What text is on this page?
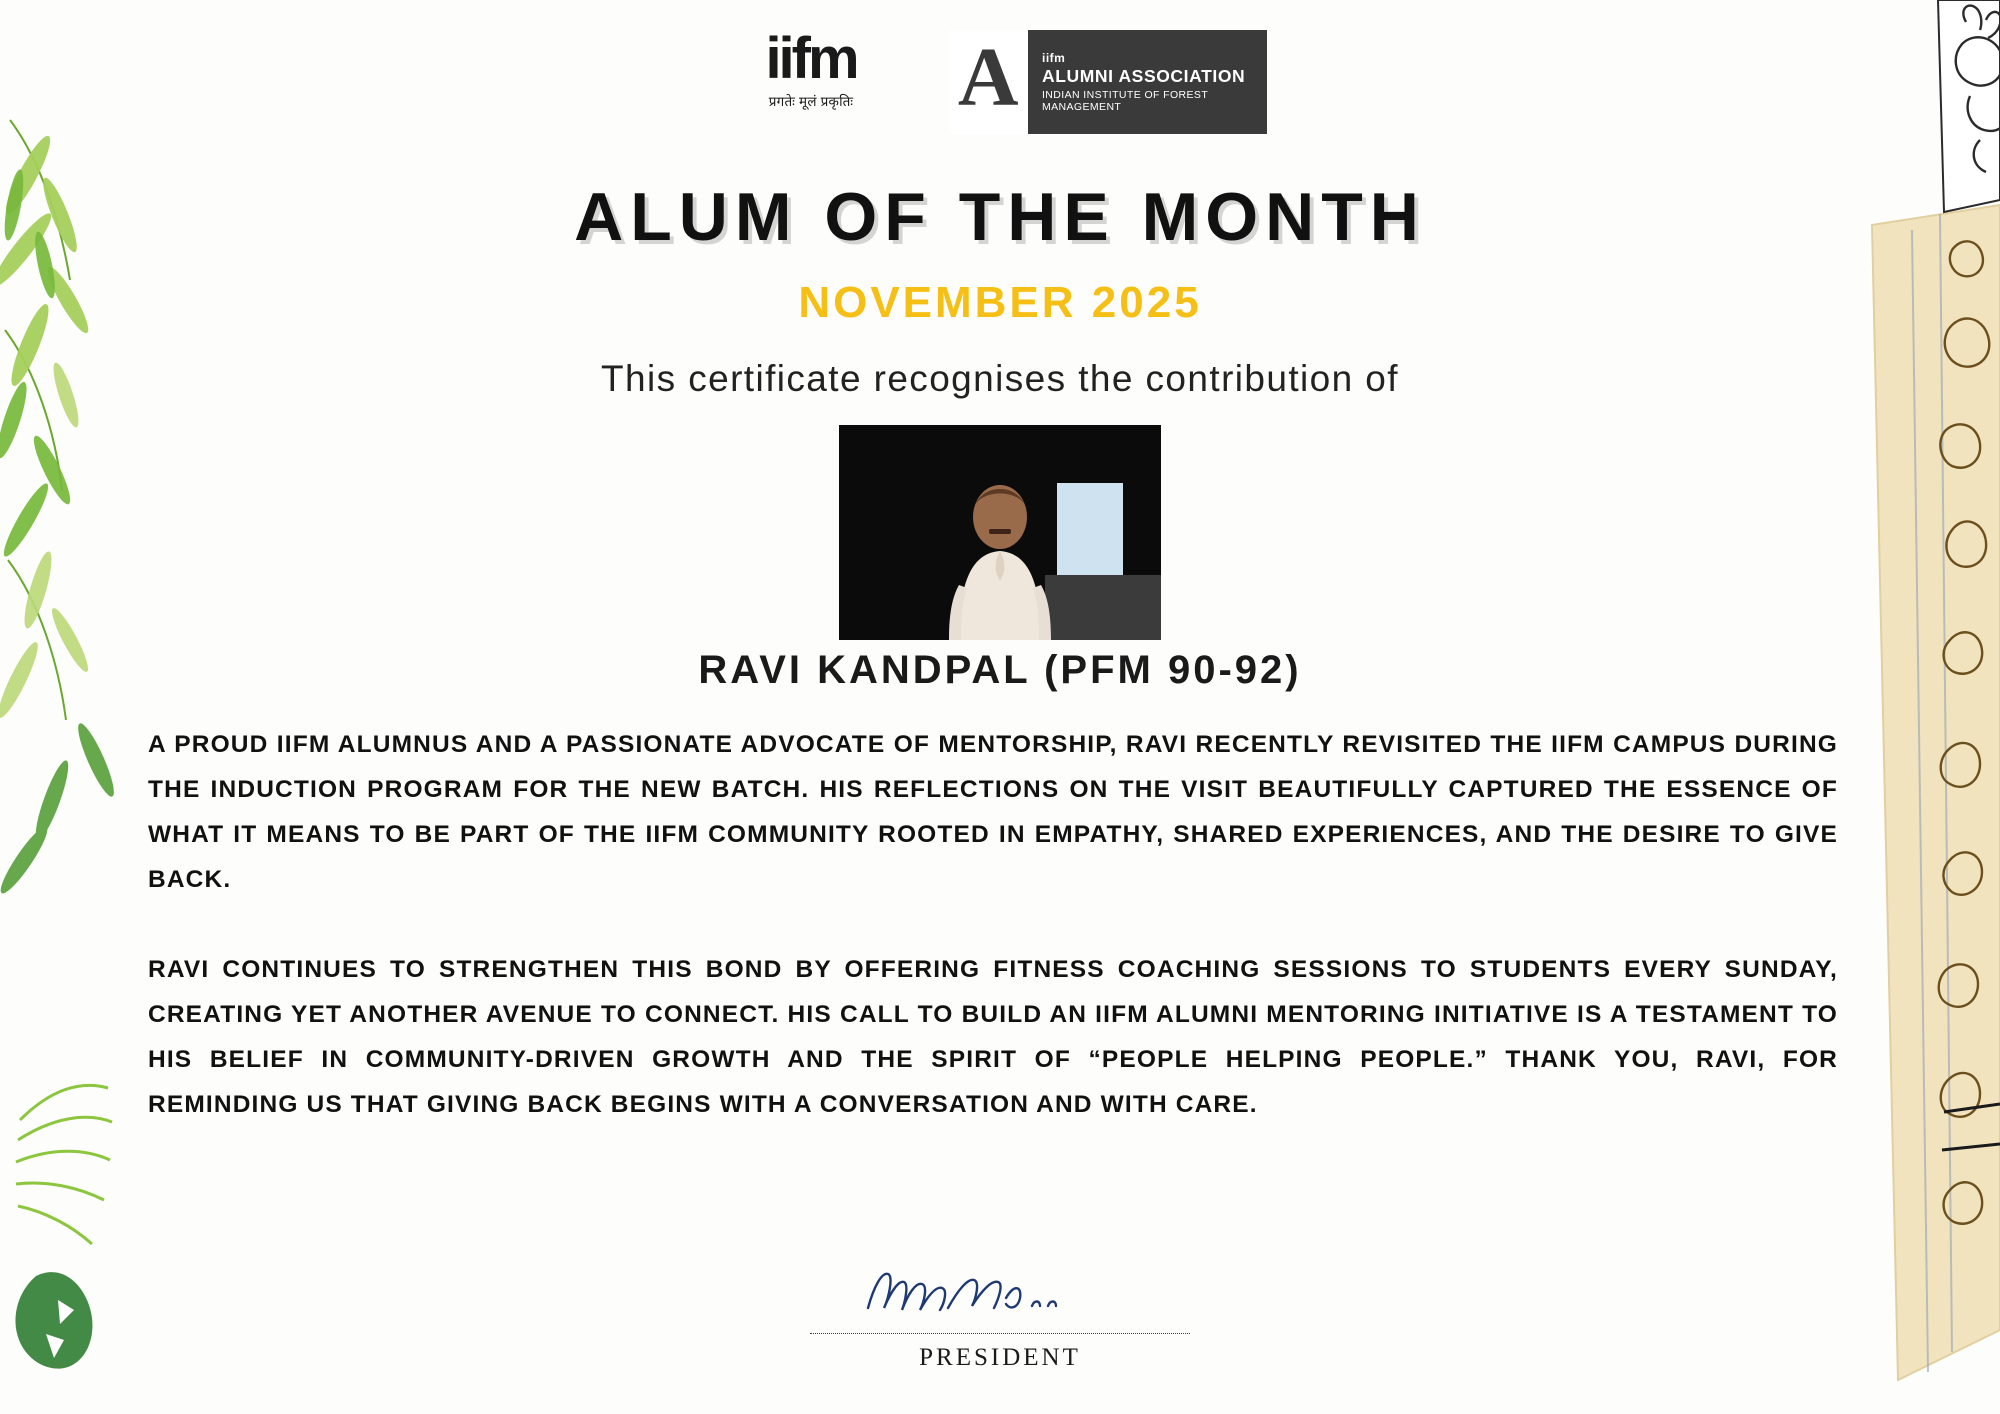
iifm
प्रगतेः मूलं प्रकृतिः	A	iifm
ALUMNI ASSOCIATION
INDIAN INSTITUTE OF FOREST MANAGEMENT
ALUM OF THE MONTH
NOVEMBER 2025
This certificate recognises the contribution of
RAVI KANDPAL (PFM 90-92)

A PROUD IIFM ALUMNUS AND A PASSIONATE ADVOCATE OF MENTORSHIP, RAVI RECENTLY REVISITED THE IIFM CAMPUS DURING THE INDUCTION PROGRAM FOR THE NEW BATCH. HIS REFLECTIONS ON THE VISIT BEAUTIFULLY CAPTURED THE ESSENCE OF WHAT IT MEANS TO BE PART OF THE IIFM COMMUNITY ROOTED IN EMPATHY, SHARED EXPERIENCES, AND THE DESIRE TO GIVE BACK.

RAVI CONTINUES TO STRENGTHEN THIS BOND BY OFFERING FITNESS COACHING SESSIONS TO STUDENTS EVERY SUNDAY, CREATING YET ANOTHER AVENUE TO CONNECT. HIS CALL TO BUILD AN IIFM ALUMNI MENTORING INITIATIVE IS A TESTAMENT TO HIS BELIEF IN COMMUNITY-DRIVEN GROWTH AND THE SPIRIT OF “PEOPLE HELPING PEOPLE.” THANK YOU, RAVI, FOR REMINDING US THAT GIVING BACK BEGINS WITH A CONVERSATION AND WITH CARE.

PRESIDENT
